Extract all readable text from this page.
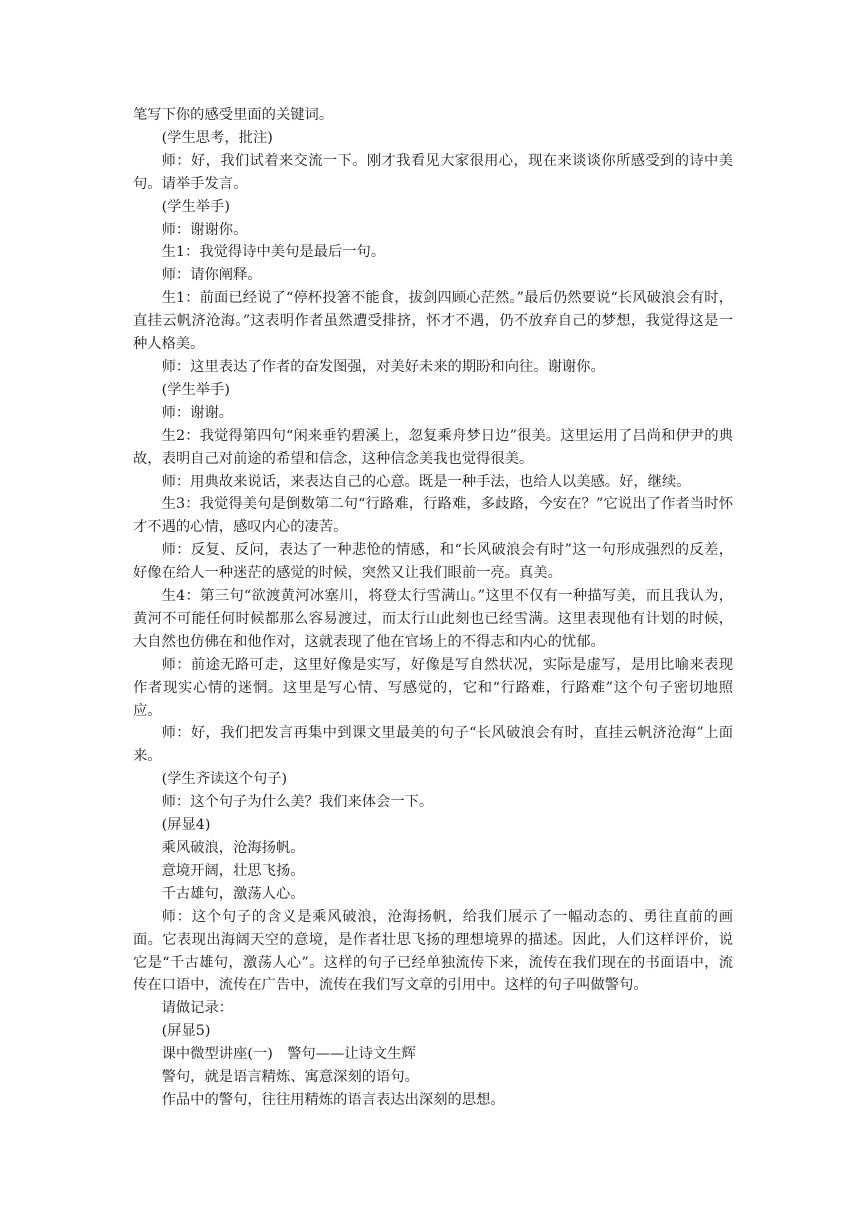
笔写下你的感受里面的关键词。

(学生思考，批注)

师：好，我们试着来交流一下。刚才我看见大家很用心，现在来谈谈你所感受到的诗中美句。请举手发言。

(学生举手)

师：谢谢你。

生1：我觉得诗中美句是最后一句。

师：请你阐释。

生1：前面已经说了“停杯投箸不能食，拔剑四顾心茫然。”最后仍然要说“长风破浪会有时，直挂云帆济沧海。”这表明作者虽然遭受排挤，怀才不遇，仍不放弃自己的梦想，我觉得这是一种人格美。

师：这里表达了作者的奋发图强，对美好未来的期盼和向往。谢谢你。

(学生举手)

师：谢谢。

生2：我觉得第四句“闲来垂钓碧溪上，忽复乘舟梦日边”很美。这里运用了吕尚和伊尹的典故，表明自己对前途的希望和信念，这种信念美我也觉得很美。

师：用典故来说话，来表达自己的心意。既是一种手法，也给人以美感。好，继续。

生3：我觉得美句是倒数第二句“行路难，行路难，多歧路，今安在？”它说出了作者当时怀才不遇的心情，感叹内心的凄苦。

师：反复、反问，表达了一种悲怆的情感，和“长风破浪会有时”这一句形成强烈的反差，好像在给人一种迷茫的感觉的时候，突然又让我们眼前一亮。真美。

生4：第三句“欲渡黄河冰塞川，将登太行雪满山。”这里不仅有一种描写美，而且我认为，黄河不可能任何时候都那么容易渡过，而太行山此刻也已经雪满。这里表现他有计划的时候，大自然也仿佛在和他作对，这就表现了他在官场上的不得志和内心的忧郁。

师：前途无路可走，这里好像是实写，好像是写自然状况，实际是虚写，是用比喻来表现作者现实心情的迷惘。这里是写心情、写感觉的，它和“行路难，行路难”这个句子密切地照应。

师：好，我们把发言再集中到课文里最美的句子“长风破浪会有时，直挂云帆济沧海”上面来。

(学生齐读这个句子)

师：这个句子为什么美？我们来体会一下。

(屏显4)

乘风破浪，沧海扬帆。

意境开阔，壮思飞扬。

千古雄句，激荡人心。

师：这个句子的含义是乘风破浪，沧海扬帆，给我们展示了一幅动态的、勇往直前的画面。它表现出海阔天空的意境，是作者壮思飞扬的理想境界的描述。因此，人们这样评价，说它是“千古雄句，激荡人心”。这样的句子已经单独流传下来，流传在我们现在的书面语中，流传在口语中，流传在广告中，流传在我们写文章的引用中。这样的句子叫做警句。

请做记录：

(屏显5)

课中微型讲座(一)　警句——让诗文生辉

警句，就是语言精炼、寓意深刻的语句。

作品中的警句，往往用精炼的语言表达出深刻的思想。
